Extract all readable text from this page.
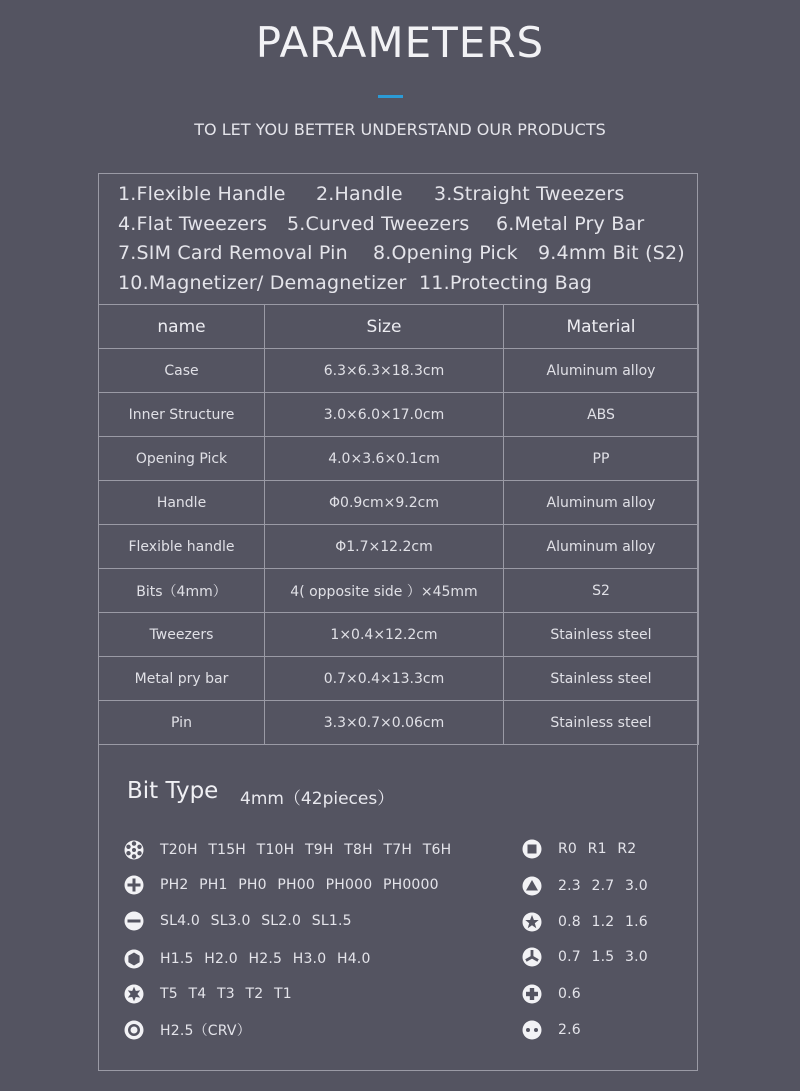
PARAMETERS
TO LET YOU BETTER UNDERSTAND OUR PRODUCTS
1.Flexible Handle 2.Handle 3.Straight Tweezers
4.Flat Tweezers 5.Curved Tweezers 6.Metal Pry Bar
7.SIM Card Removal Pin 8.Opening Pick 9.4mm Bit (S2)
10.Magnetizer/ Demagnetizer 11.Protecting Bag
name	Size	Material
Case	6.3×6.3×18.3cm	Aluminum alloy
Inner Structure	3.0×6.0×17.0cm	ABS
Opening Pick	4.0×3.6×0.1cm	PP
Handle	Φ0.9cm×9.2cm	Aluminum alloy
Flexible handle	Φ1.7×12.2cm	Aluminum alloy
Bits（4mm）	4( opposite side ）×45mm	S2
Tweezers	1×0.4×12.2cm	Stainless steel
Metal pry bar	0.7×0.4×13.3cm	Stainless steel
Pin	3.3×0.7×0.06cm	Stainless steel
Bit Type 4mm（42pieces）
T20H T15H T10H T9H T8H T7H T6H
PH2 PH1 PH0 PH00 PH000 PH0000
SL4.0 SL3.0 SL2.0 SL1.5
H1.5 H2.0 H2.5 H3.0 H4.0
T5 T4 T3 T2 T1
H2.5（CRV）
R0 R1 R2
2.3 2.7 3.0
0.8 1.2 1.6
0.7 1.5 3.0
0.6
2.6
